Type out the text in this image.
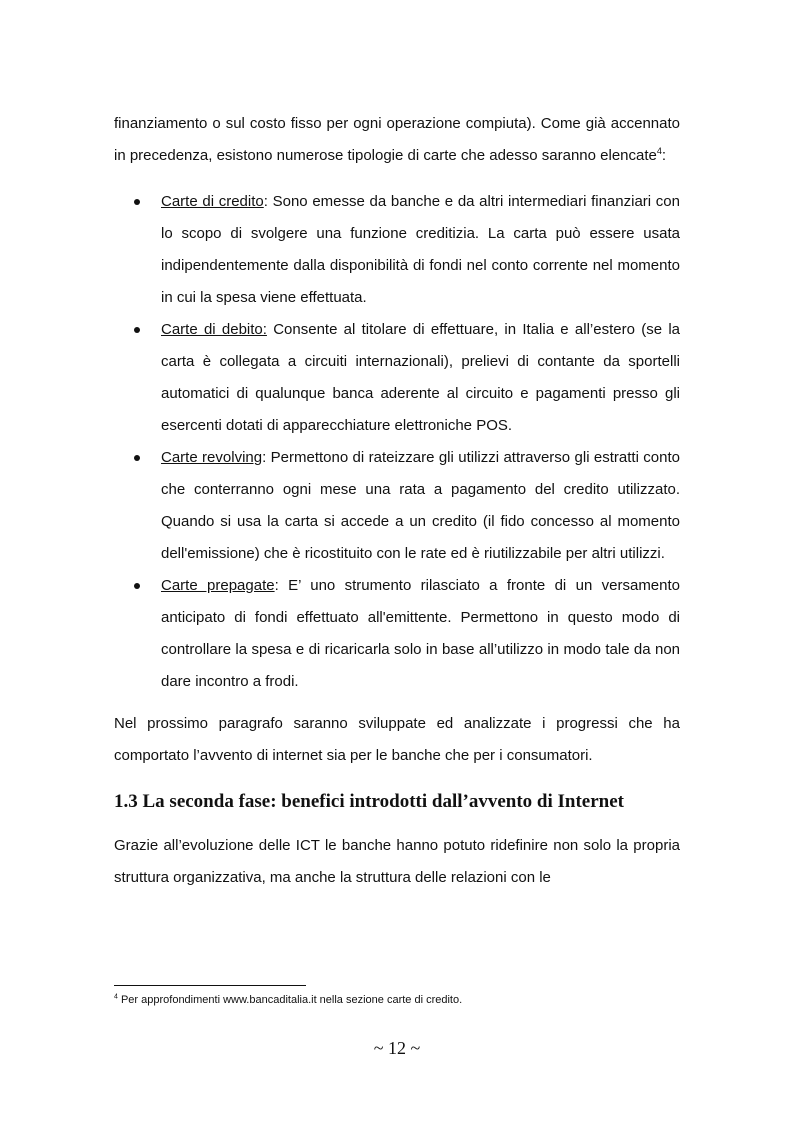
finanziamento o sul costo fisso per ogni operazione compiuta). Come già accennato in precedenza, esistono numerose tipologie di carte che adesso saranno elencate$^4$:

Carte di credito: Sono emesse da banche e da altri intermediari finanziari con lo scopo di svolgere una funzione creditizia. La carta può essere usata indipendentemente dalla disponibilità di fondi nel conto corrente nel momento in cui la spesa viene effettuata.
Carte di debito: Consente al titolare di effettuare, in Italia e all’estero (se la carta è collegata a circuiti internazionali), prelievi di contante da sportelli automatici di qualunque banca aderente al circuito e pagamenti presso gli esercenti dotati di apparecchiature elettroniche POS.
Carte revolving: Permettono di rateizzare gli utilizzi attraverso gli estratti conto che conterranno ogni mese una rata a pagamento del credito utilizzato. Quando si usa la carta si accede a un credito (il fido concesso al momento dell'emissione) che è ricostituito con le rate ed è riutilizzabile per altri utilizzi.
Carte prepagate: E’ uno strumento rilasciato a fronte di un versamento anticipato di fondi effettuato all'emittente. Permettono in questo modo di controllare la spesa e di ricaricarla solo in base all’utilizzo in modo tale da non dare incontro a frodi.

Nel prossimo paragrafo saranno sviluppate ed analizzate i progressi che ha comportato l’avvento di internet sia per le banche che per i consumatori.

1.3 La seconda fase: benefici introdotti dall’avvento di Internet

Grazie all’evoluzione delle ICT le banche hanno potuto ridefinire non solo la propria struttura organizzativa, ma anche la struttura delle relazioni con le

$^4$ Per approfondimenti www.bancaditalia.it nella sezione carte di credito.
~ 12 ~
